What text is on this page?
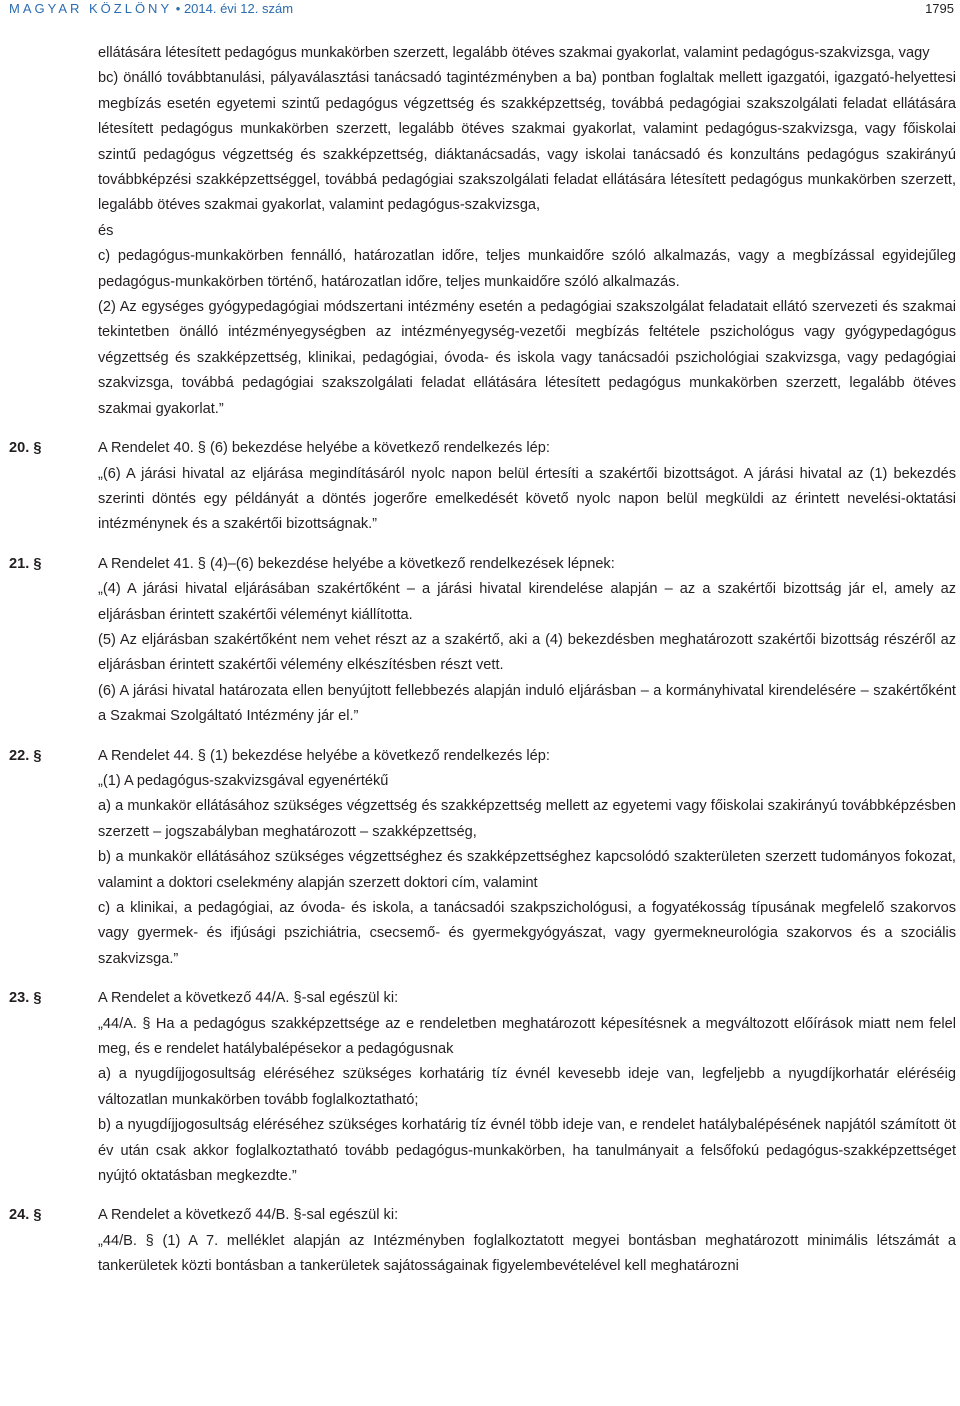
MAGYAR KÖZLÖNY • 2014. évi 12. szám	1795

ellátására létesített pedagógus munkakörben szerzett, legalább ötéves szakmai gyakorlat, valamint pedagógus-szakvizsga, vagy

bc) önálló továbbtanulási, pályaválasztási tanácsadó tagintézményben a ba) pontban foglaltak mellett igazgatói, igazgató-helyettesi megbízás esetén egyetemi szintű pedagógus végzettség és szakképzettség, továbbá pedagógiai szakszolgálati feladat ellátására létesített pedagógus munkakörben szerzett, legalább ötéves szakmai gyakorlat, valamint pedagógus-szakvizsga, vagy főiskolai szintű pedagógus végzettség és szakképzettség, diáktanácsadás, vagy iskolai tanácsadó és konzultáns pedagógus szakirányú továbbképzési szakképzettséggel, továbbá pedagógiai szakszolgálati feladat ellátására létesített pedagógus munkakörben szerzett, legalább ötéves szakmai gyakorlat, valamint pedagógus-szakvizsga,

és

c) pedagógus-munkakörben fennálló, határozatlan időre, teljes munkaidőre szóló alkalmazás, vagy a megbízással egyidejűleg pedagógus-munkakörben történő, határozatlan időre, teljes munkaidőre szóló alkalmazás.

(2) Az egységes gyógypedagógiai módszertani intézmény esetén a pedagógiai szakszolgálat feladatait ellátó szervezeti és szakmai tekintetben önálló intézményegységben az intézményegység-vezetői megbízás feltétele pszichológus vagy gyógypedagógus végzettség és szakképzettség, klinikai, pedagógiai, óvoda- és iskola vagy tanácsadói pszichológiai szakvizsga, vagy pedagógiai szakvizsga, továbbá pedagógiai szakszolgálati feladat ellátására létesített pedagógus munkakörben szerzett, legalább ötéves szakmai gyakorlat.”

20. §	A Rendelet 40. § (6) bekezdése helyébe a következő rendelkezés lép:

„(6) A járási hivatal az eljárása megindításáról nyolc napon belül értesíti a szakértői bizottságot. A járási hivatal az (1) bekezdés szerinti döntés egy példányát a döntés jogerőre emelkedését követő nyolc napon belül megküldi az érintett nevelési-oktatási intézménynek és a szakértői bizottságnak.”

21. §	A Rendelet 41. § (4)–(6) bekezdése helyébe a következő rendelkezések lépnek:

„(4) A járási hivatal eljárásában szakértőként – a járási hivatal kirendelése alapján – az a szakértői bizottság jár el, amely az eljárásban érintett szakértői véleményt kiállította.

(5) Az eljárásban szakértőként nem vehet részt az a szakértő, aki a (4) bekezdésben meghatározott szakértői bizottság részéről az eljárásban érintett szakértői vélemény elkészítésben részt vett.

(6) A járási hivatal határozata ellen benyújtott fellebbezés alapján induló eljárásban – a kormányhivatal kirendelésére – szakértőként a Szakmai Szolgáltató Intézmény jár el.”

22. §	A Rendelet 44. § (1) bekezdése helyébe a következő rendelkezés lép:

„(1) A pedagógus-szakvizsgával egyenértékű

a) a munkakör ellátásához szükséges végzettség és szakképzettség mellett az egyetemi vagy főiskolai szakirányú továbbképzésben szerzett – jogszabályban meghatározott – szakképzettség,

b) a munkakör ellátásához szükséges végzettséghez és szakképzettséghez kapcsolódó szakterületen szerzett tudományos fokozat, valamint a doktori cselekmény alapján szerzett doktori cím, valamint

c) a klinikai, a pedagógiai, az óvoda- és iskola, a tanácsadói szakpszichológusi, a fogyatékosság típusának megfelelő szakorvos vagy gyermek- és ifjúsági pszichiátria, csecsemő- és gyermekgyógyászat, vagy gyermekneurológia szakorvos és a szociális szakvizsga.”

23. §	A Rendelet a következő 44/A. §-sal egészül ki:

„44/A. § Ha a pedagógus szakképzettsége az e rendeletben meghatározott képesítésnek a megváltozott előírások miatt nem felel meg, és e rendelet hatálybalépésekor a pedagógusnak

a) a nyugdíjjogosultság eléréséhez szükséges korhatárig tíz évnél kevesebb ideje van, legfeljebb a nyugdíjkorhatár eléréséig változatlan munkakörben tovább foglalkoztatható;

b) a nyugdíjjogosultság eléréséhez szükséges korhatárig tíz évnél több ideje van, e rendelet hatálybalépésének napjától számított öt év után csak akkor foglalkoztatható tovább pedagógus-munkakörben, ha tanulmányait a felsőfokú pedagógus-szakképzettséget nyújtó oktatásban megkezdte.”

24. §	A Rendelet a következő 44/B. §-sal egészül ki:

„44/B. § (1) A 7. melléklet alapján az Intézményben foglalkoztatott megyei bontásban meghatározott minimális létszámát a tankerületek közti bontásban a tankerületek sajátosságainak figyelembevételével kell meghatározni
